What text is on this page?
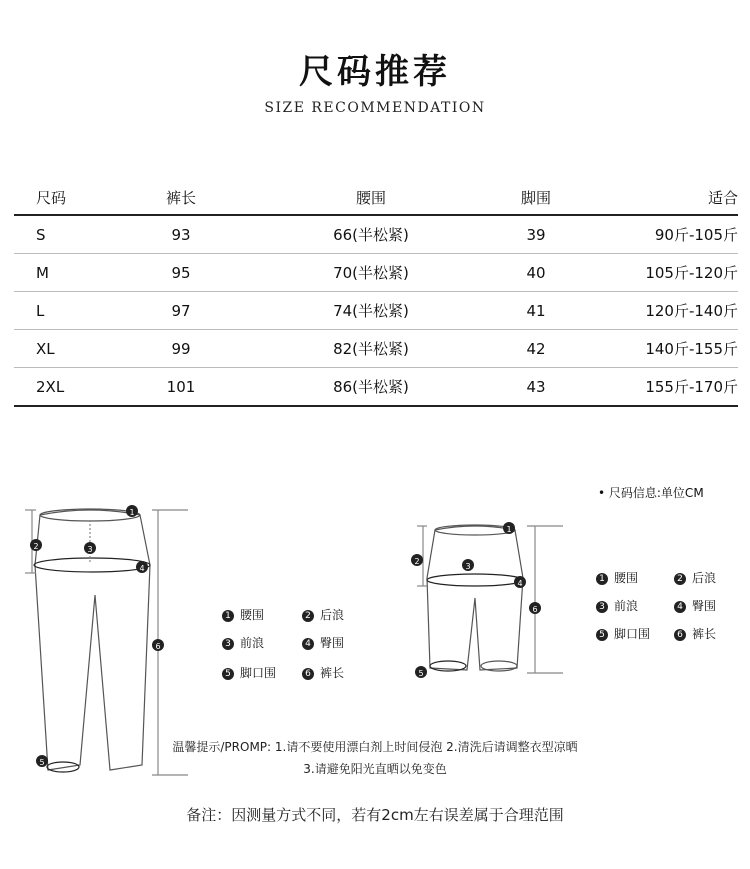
尺码推荐
SIZE RECOMMENDATION
尺码	裤长	腰围	脚围	适合
S	93	66(半松紧)	39	90斤-105斤
M	95	70(半松紧)	40	105斤-120斤
L	97	74(半松紧)	41	120斤-140斤
XL	99	82(半松紧)	42	140斤-155斤
2XL	101	86(半松紧)	43	155斤-170斤
• 尺码信息:单位CM
1
2	3
4
5
6
1 腰围	2 后浪
3 前浪	4 臀围
5 脚口围	6 裤长
1
2
3
4
5
6
1 腰围	2 后浪
3 前浪	4 臀围
5 脚口围	6 裤长
温馨提示/PROMP: 1.请不要使用漂白剂上时间侵泡 2.清洗后请调整衣型凉晒
3.请避免阳光直晒以免变色
备注：因测量方式不同，若有2cm左右误差属于合理范围
